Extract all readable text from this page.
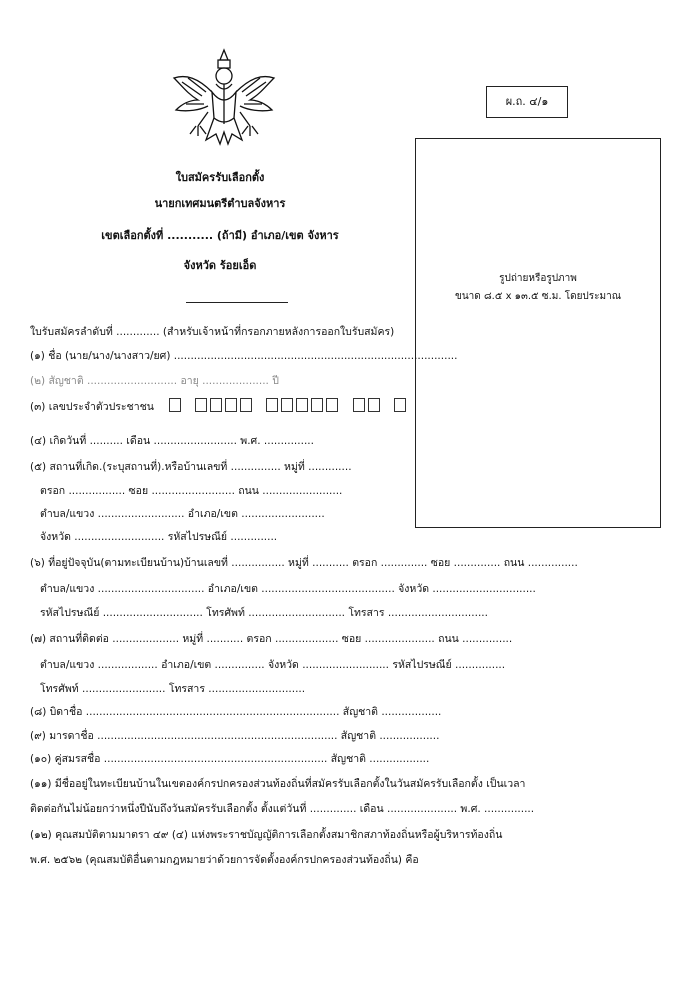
ผ.ถ. ๔/๑
ใบสมัครรับเลือกตั้ง
นายกเทศมนตรีตำบลจังหาร
เขตเลือกตั้งที่ ........... (ถ้ามี) อำเภอ/เขต จังหาร
จังหวัด ร้อยเอ็ด
รูปถ่ายหรือรูปภาพ
ขนาด ๘.๕ x ๑๓.๕ ซ.ม. โดยประมาณ
ใบรับสมัครลำดับที่ ............. (สำหรับเจ้าหน้าที่กรอกภายหลังการออกใบรับสมัคร)
(๑) ชื่อ (นาย/นาง/นางสาว/ยศ) .....................................................................................
(๒) สัญชาติ ........................... อายุ .................... ปี
(๓) เลขประจำตัวประชาชน
(๔) เกิดวันที่ .......... เดือน ......................... พ.ศ. ...............
(๕) สถานที่เกิด.(ระบุสถานที่).หรือบ้านเลขที่ ............... หมู่ที่ .............
ตรอก ................. ซอย ......................... ถนน ........................
ตำบล/แขวง .......................... อำเภอ/เขต .........................
จังหวัด ........................... รหัสไปรษณีย์ ..............
(๖) ที่อยู่ปัจจุบัน(ตามทะเบียนบ้าน)บ้านเลขที่ ................ หมู่ที่ ........... ตรอก .............. ซอย .............. ถนน ...............
ตำบล/แขวง ................................ อำเภอ/เขต ........................................ จังหวัด ...............................
รหัสไปรษณีย์ .............................. โทรศัพท์ ............................. โทรสาร ..............................
(๗) สถานที่ติดต่อ .................... หมู่ที่ ........... ตรอก ................... ซอย ..................... ถนน ...............
ตำบล/แขวง .................. อำเภอ/เขต ............... จังหวัด .......................... รหัสไปรษณีย์ ...............
โทรศัพท์ ......................... โทรสาร .............................
(๘) บิดาชื่อ ............................................................................ สัญชาติ ..................
(๙) มารดาชื่อ ........................................................................ สัญชาติ ..................
(๑๐) คู่สมรสชื่อ ................................................................... สัญชาติ ..................
(๑๑) มีชื่ออยู่ในทะเบียนบ้านในเขตองค์กรปกครองส่วนท้องถิ่นที่สมัครรับเลือกตั้งในวันสมัครรับเลือกตั้ง เป็นเวลา
ติดต่อกันไม่น้อยกว่าหนึ่งปีนับถึงวันสมัครรับเลือกตั้ง ตั้งแต่วันที่ .............. เดือน ..................... พ.ศ. ...............
(๑๒) คุณสมบัติตามมาตรา ๔๙ (๔) แห่งพระราชบัญญัติการเลือกตั้งสมาชิกสภาท้องถิ่นหรือผู้บริหารท้องถิ่น
พ.ศ. ๒๕๖๒ (คุณสมบัติอื่นตามกฎหมายว่าด้วยการจัดตั้งองค์กรปกครองส่วนท้องถิ่น) คือ
